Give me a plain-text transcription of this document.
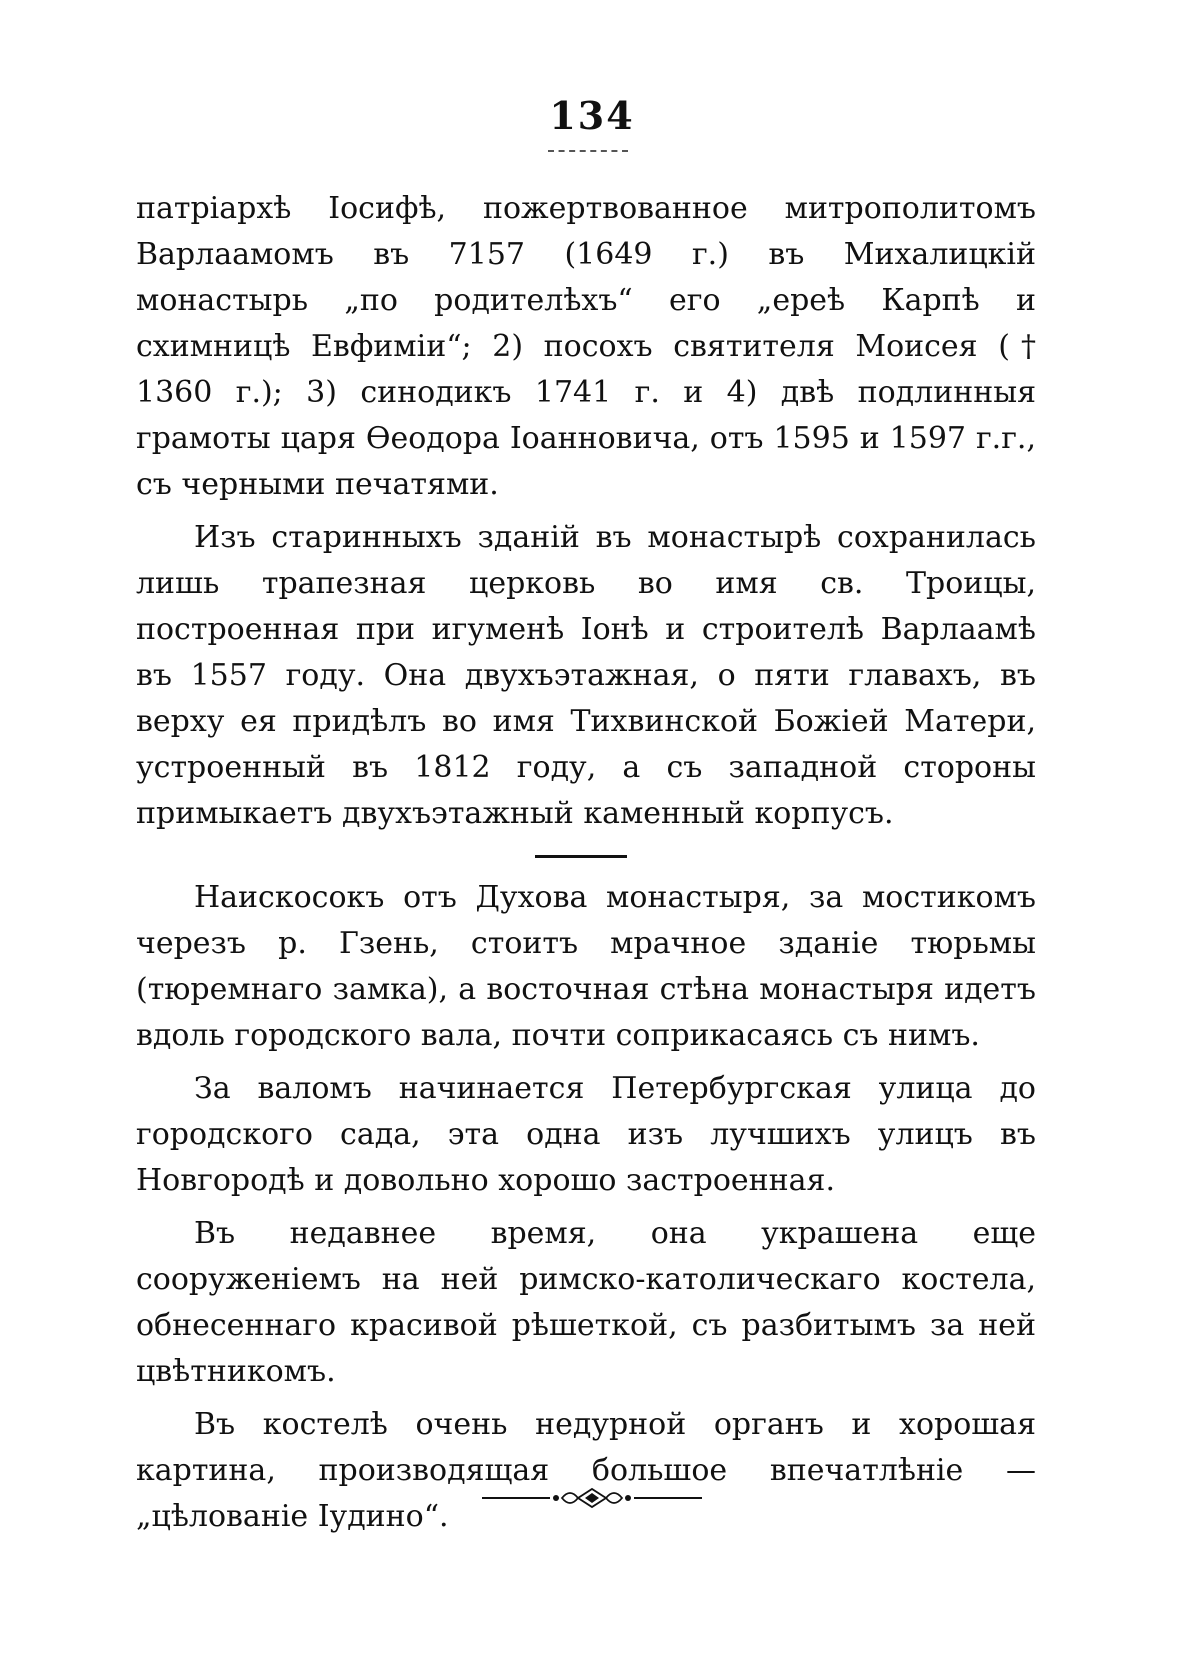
134

патріархѣ Іосифѣ, пожертвованное митрополитомъ Варлаамомъ въ 7157 (1649 г.) въ Михалицкій монастырь „по родителѣхъ“ его „ереѣ Карпѣ и схимницѣ Евфиміи“; 2) посохъ святителя Моисея († 1360 г.); 3) синодикъ 1741 г. и 4) двѣ подлинныя грамоты царя Ѳеодора Іоанновича, отъ 1595 и 1597 г.г., съ черными печатями.

Изъ старинныхъ зданій въ монастырѣ сохранилась лишь трапезная церковь во имя св. Троицы, построенная при игуменѣ Іонѣ и строителѣ Варлаамѣ въ 1557 году. Она двухъэтажная, о пяти главахъ, въ верху ея придѣлъ во имя Тихвинской Божіей Матери, устроенный въ 1812 году, а съ западной стороны примыкаетъ двухъэтажный каменный корпусъ.

Наискосокъ отъ Духова монастыря, за мостикомъ черезъ р. Гзень, стоитъ мрачное зданіе тюрьмы (тюремнаго замка), а восточная стѣна монастыря идетъ вдоль городского вала, почти соприкасаясь съ нимъ.

За валомъ начинается Петербургская улица до городского сада, эта одна изъ лучшихъ улицъ въ Новгородѣ и довольно хорошо застроенная.

Въ недавнее время, она украшена еще сооруженіемъ на ней римско-католическаго костела, обнесеннаго красивой рѣшеткой, съ разбитымъ за ней цвѣтникомъ.

Въ костелѣ очень недурной органъ и хорошая картина, производящая большое впечатлѣніе — „цѣлованіе Іудино“.
